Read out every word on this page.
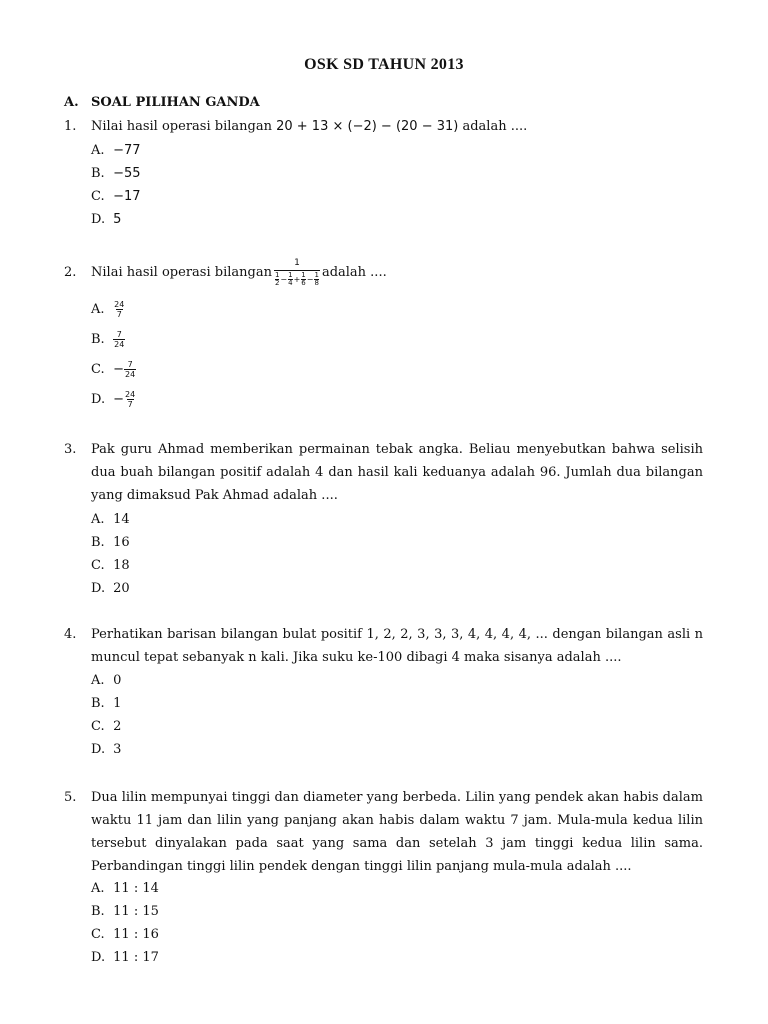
OSK SD TAHUN 2013
A. SOAL PILIHAN GANDA
1. Nilai hasil operasi bilangan 20 + 13 × (−2) − (20 − 31) adalah ....
A. −77
B. −55
C. −17
D. 5
2. Nilai hasil operasi bilangan
1
1
$2 - \frac{1}{4} + \frac{1}{6} - \frac{1}{8}$ adalah ....
A. $\frac{24}{7}$
B. $\frac{7}{24}$
C. − $\frac{7}{24}$
D. − $\frac{24}{7}$
3. Pak guru Ahmad memberikan permainan tebak angka. Beliau menyebutkan bahwa selisih dua buah bilangan positif adalah 4 dan hasil kali keduanya adalah 96. Jumlah dua bilangan yang dimaksud Pak Ahmad adalah ....
A. 14
B. 16
C. 18
D. 20
4. Perhatikan barisan bilangan bulat positif 1, 2, 2, 3, 3, 3, 4, 4, 4, 4, ... dengan bilangan asli n muncul tepat sebanyak n kali. Jika suku ke-100 dibagi 4 maka sisanya adalah ....
A. 0
B. 1
C. 2
D. 3
5. Dua lilin mempunyai tinggi dan diameter yang berbeda. Lilin yang pendek akan habis dalam waktu 11 jam dan lilin yang panjang akan habis dalam waktu 7 jam. Mula-mula kedua lilin tersebut dinyalakan pada saat yang sama dan setelah 3 jam tinggi kedua lilin sama. Perbandingan tinggi lilin pendek dengan tinggi lilin panjang mula-mula adalah ....
A. 11 : 14
B. 11 : 15
C. 11 : 16
D. 11 : 17
